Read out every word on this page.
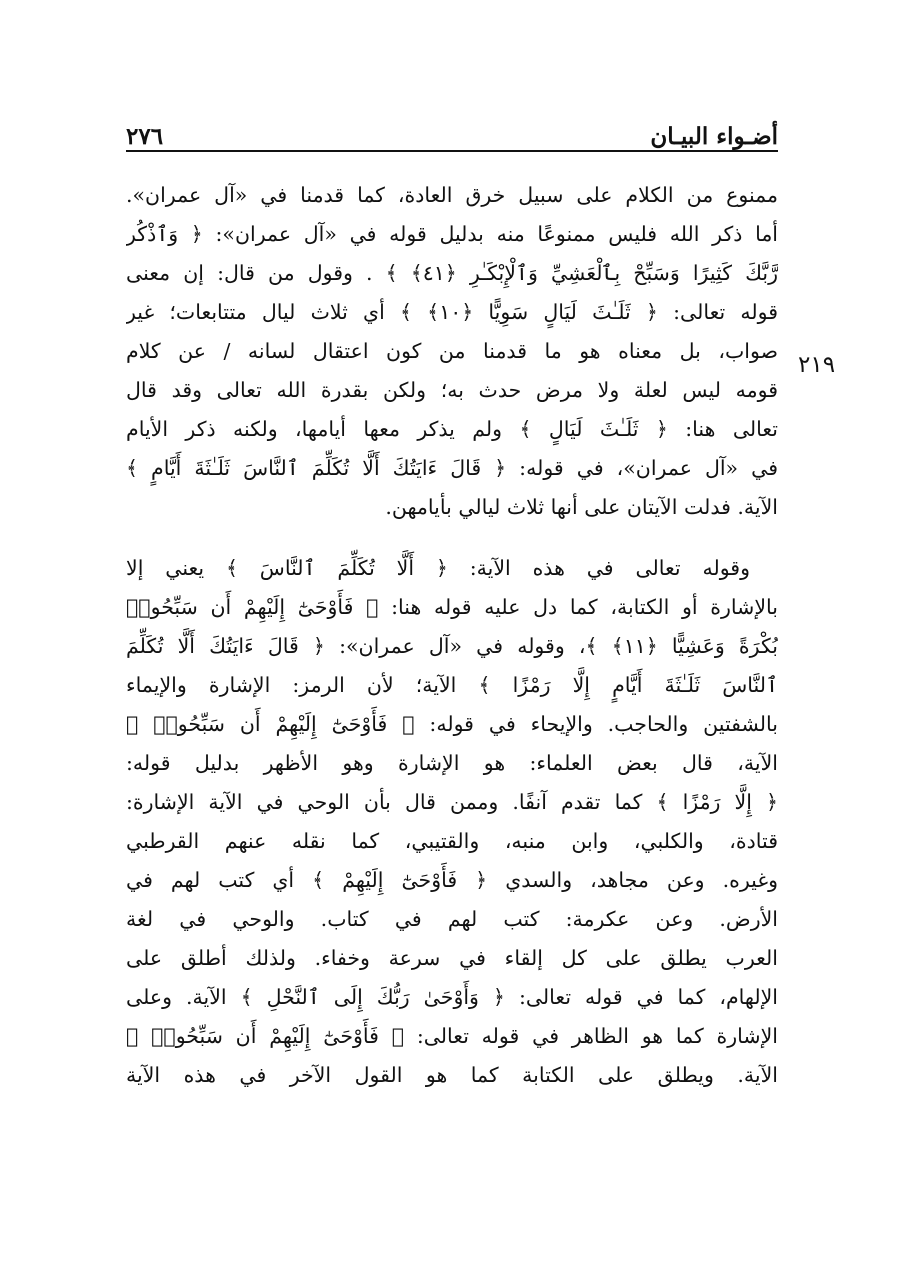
أضـواء البيـان
٢٧٦
٢١٩
ممنوع من الكلام على سبيل خرق العادة، كما قدمنا في «آل عمران».
أما ذكر الله فليس ممنوعًا منه بدليل قوله في «آل عمران»: ﴿ وَٱذْكُر
رَّبَّكَ كَثِيرًا وَسَبِّحْ بِٱلْعَشِيِّ وَٱلْإِبْكَـٰرِ ﴿٤١﴾ ﴾ . وقول من قال: إن معنى
قوله تعالى: ﴿ ثَلَـٰثَ لَيَالٍ سَوِيًّا ﴿١٠﴾ ﴾ أي ثلاث ليال متتابعات؛ غير
صواب، بل معناه هو ما قدمنا من كون اعتقال لسانه / عن كلام
قومه ليس لعلة ولا مرض حدث به؛ ولكن بقدرة الله تعالى وقد قال
تعالى هنا: ﴿ ثَلَـٰثَ لَيَالٍ ﴾ ولم يذكر معها أيامها، ولكنه ذكر الأيام
في «آل عمران»، في قوله: ﴿ قَالَ ءَايَتُكَ أَلَّا تُكَلِّمَ ٱلنَّاسَ ثَلَـٰثَةَ أَيَّامٍ ﴾
الآية. فدلت الآيتان على أنها ثلاث ليالي بأيامهن.
وقوله تعالى في هذه الآية: ﴿ أَلَّا تُكَلِّمَ ٱلنَّاسَ ﴾ يعني إلا
بالإشارة أو الكتابة، كما دل عليه قوله هنا: ﴿ فَأَوْحَىٰٓ إِلَيْهِمْ أَن سَبِّحُوا۟
بُكْرَةً وَعَشِيًّا ﴿١١﴾ ﴾، وقوله في «آل عمران»: ﴿ قَالَ ءَايَتُكَ أَلَّا تُكَلِّمَ
ٱلنَّاسَ ثَلَـٰثَةَ أَيَّامٍ إِلَّا رَمْزًا ﴾ الآية؛ لأن الرمز: الإشارة والإيماء
بالشفتين والحاجب. والإيحاء في قوله: ﴿ فَأَوْحَىٰٓ إِلَيْهِمْ أَن سَبِّحُوا۟ ﴾
الآية، قال بعض العلماء: هو الإشارة وهو الأظهر بدليل قوله:
﴿ إِلَّا رَمْزًا ﴾ كما تقدم آنفًا. وممن قال بأن الوحي في الآية الإشارة:
قتادة، والكلبي، وابن منبه، والقتيبي، كما نقله عنهم القرطبي
وغيره. وعن مجاهد، والسدي ﴿ فَأَوْحَىٰٓ إِلَيْهِمْ ﴾ أي كتب لهم في
الأرض. وعن عكرمة: كتب لهم في كتاب. والوحي في لغة
العرب يطلق على كل إلقاء في سرعة وخفاء. ولذلك أطلق على
الإلهام، كما في قوله تعالى: ﴿ وَأَوْحَىٰ رَبُّكَ إِلَى ٱلنَّحْلِ ﴾ الآية. وعلى
الإشارة كما هو الظاهر في قوله تعالى: ﴿ فَأَوْحَىٰٓ إِلَيْهِمْ أَن سَبِّحُوا۟ ﴾
الآية. ويطلق على الكتابة كما هو القول الآخر في هذه الآية
